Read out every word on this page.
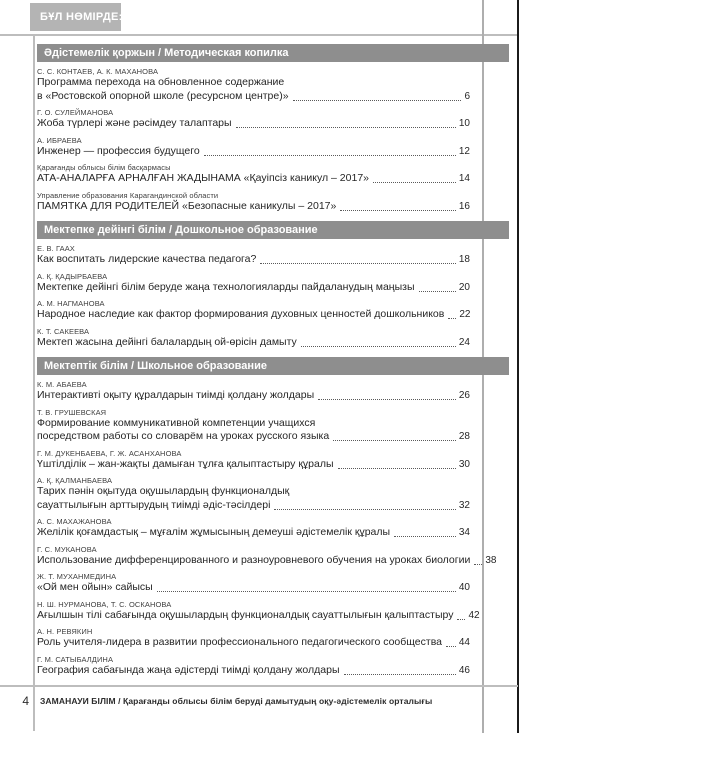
БҰЛ НӨМІРДЕ:
Әдістемелік қоржын / Методическая копилка
С. С. КОНТАЕВ, А. К. МАХАНОВА
Программа перехода на обновленное содержание
в «Ростовской опорной школе (ресурсном центре)»	6
Г. О. СУЛЕЙМАНОВА
Жоба түрлері және рәсімдеу талаптары	10
А. ИБРАЕВА
Инженер — профессия будущего	12
Қарағанды облысы білім басқармасы
АТА-АНАЛАРҒА АРНАЛҒАН ЖАДЫНАМА «Қауіпсіз каникул – 2017»	14
Управление образования Карагандинской области
ПАМЯТКА ДЛЯ РОДИТЕЛЕЙ «Безопасные каникулы – 2017»	16
Мектепке дейінгі білім / Дошкольное образование
Е. В. ГААХ
Как воспитать лидерские качества педагога?	18
А. Қ. ҚАДЫРБАЕВА
Мектепке дейінгі білім беруде жаңа технологияларды пайдаланудың маңызы	20
А. М. НАГМАНОВА
Народное наследие как фактор формирования духовных ценностей дошкольников 22
К. Т. САКЕЕВА
Мектеп жасына дейінгі балалардың ой-өрісін дамыту	24
Мектептік білім / Школьное образование
К. М. АБАЕВА
Интерактивті оқыту құралдарын тиімді қолдану жолдары	26
Т. В. ГРУШЕВСКАЯ
Формирование коммуникативной компетенции учащихся
посредством работы со словарём на уроках русского языка	28
Г. М. ДУКЕНБАЕВА, Г. Ж. АСАНХАНОВА
Үштілділік – жан-жақты дамыған тұлға қалыптастыру құралы	30
А. Қ. ҚАЛМАНБАЕВА
Тарих пәнін оқытуда оқушылардың функционалдық
сауаттылығын арттырудың тиімді әдіс-тәсілдері	32
А. С. МАХАЖАНОВА
Желілік қоғамдастық – мұғалім жұмысының демеуші әдістемелік құралы	34
Г. С. МУКАНОВА
Использование дифференцированного и разноуровневого обучения на уроках биологии 38
Ж. Т. МУХАНМЕДИНА
«Ой мен ойын» сайысы	40
Н. Ш. НУРМАНОВА, Т. С. ОСКАНОВА
Ағылшын тілі сабағында оқушылардың функционалдық сауаттылығын қалыптастыру 42
А. Н. РЕВЯКИН
Роль учителя-лидера в развитии профессионального педагогического сообщества 44
Г. М. САТЫБАЛДИНА
География сабағында жаңа әдістерді тиімді қолдану жолдары	46
4 ЗАМАНАУИ БІЛІМ / Қарағанды облысы білім беруді дамытудың оқу-әдістемелік орталығы
